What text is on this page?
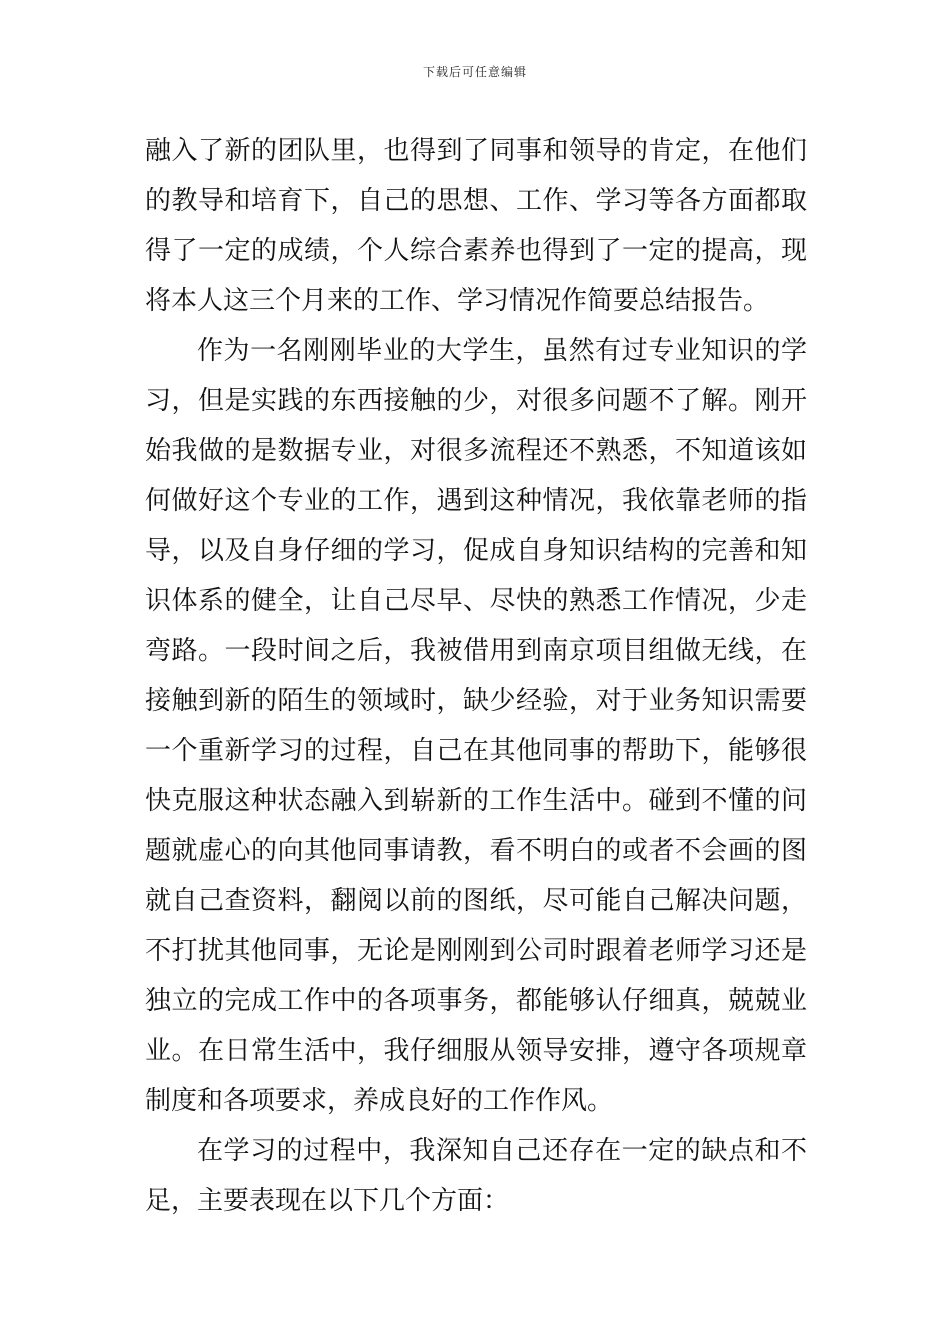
下载后可任意编辑
融入了新的团队里，也得到了同事和领导的肯定，在他们
的教导和培育下，自己的思想、工作、学习等各方面都取
得了一定的成绩，个人综合素养也得到了一定的提高，现
将本人这三个月来的工作、学习情况作简要总结报告。
作为一名刚刚毕业的大学生，虽然有过专业知识的学
习，但是实践的东西接触的少，对很多问题不了解。刚开
始我做的是数据专业，对很多流程还不熟悉，不知道该如
何做好这个专业的工作，遇到这种情况，我依靠老师的指
导，以及自身仔细的学习，促成自身知识结构的完善和知
识体系的健全，让自己尽早、尽快的熟悉工作情况，少走
弯路。一段时间之后，我被借用到南京项目组做无线，在
接触到新的陌生的领域时，缺少经验，对于业务知识需要
一个重新学习的过程，自己在其他同事的帮助下，能够很
快克服这种状态融入到崭新的工作生活中。碰到不懂的问
题就虚心的向其他同事请教，看不明白的或者不会画的图
就自己查资料，翻阅以前的图纸，尽可能自己解决问题，
不打扰其他同事，无论是刚刚到公司时跟着老师学习还是
独立的完成工作中的各项事务，都能够认仔细真，兢兢业
业。在日常生活中，我仔细服从领导安排，遵守各项规章
制度和各项要求，养成良好的工作作风。
在学习的过程中，我深知自己还存在一定的缺点和不
足，主要表现在以下几个方面：
